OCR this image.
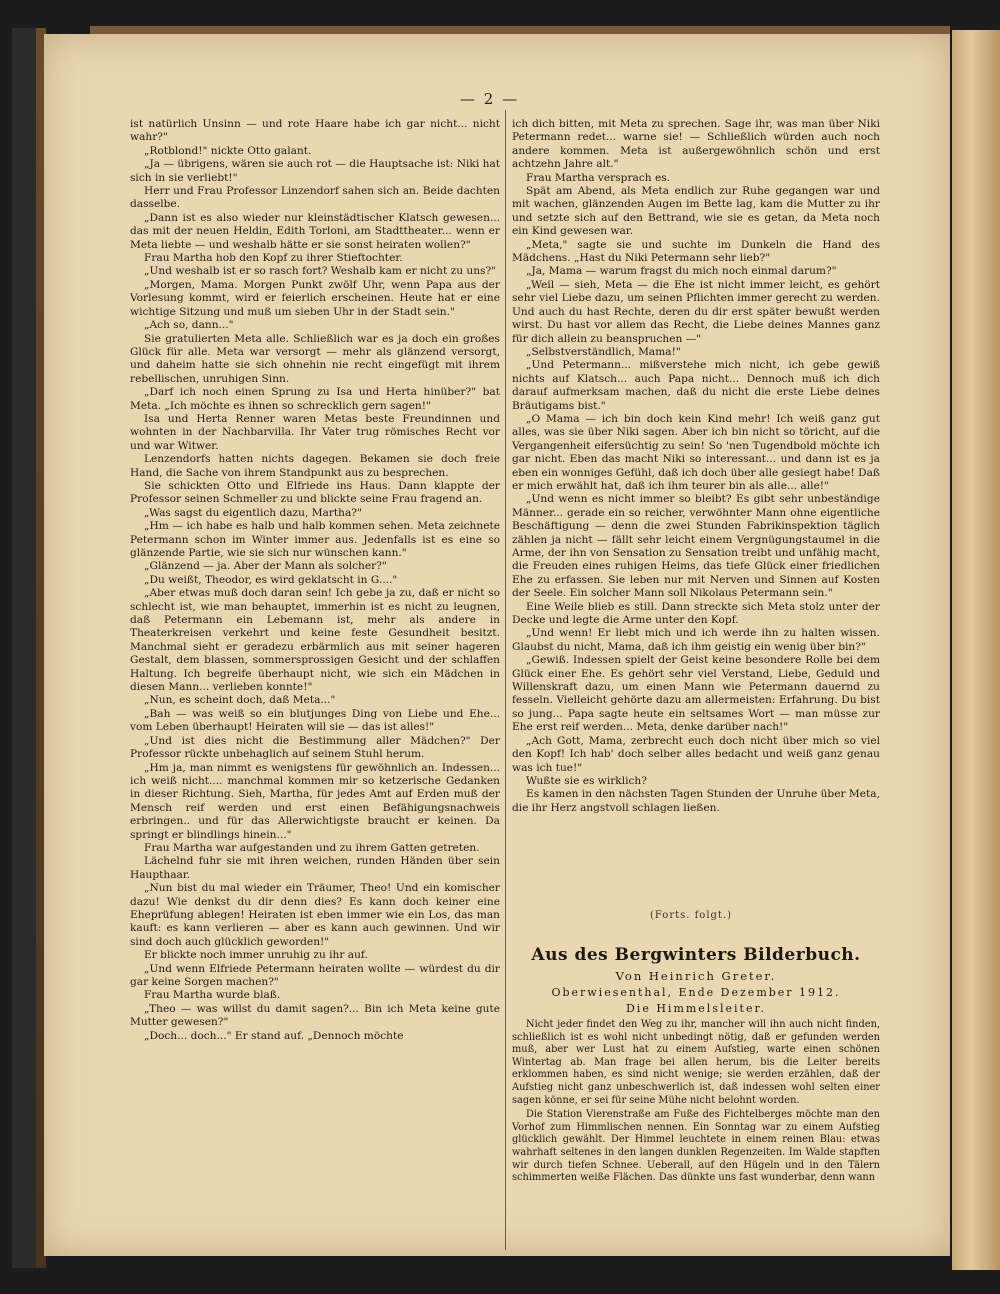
— 2 —

ist natürlich Unsinn — und rote Haare habe ich gar nicht... nicht wahr?"

„Rotblond!" nickte Otto galant.

„Ja — übrigens, wären sie auch rot — die Hauptsache ist: Niki hat sich in sie verliebt!"

Herr und Frau Professor Linzendorf sahen sich an. Beide dachten dasselbe.

„Dann ist es also wieder nur kleinstädtischer Klatsch gewesen... das mit der neuen Heldin, Edith Torloni, am Stadttheater... wenn er Meta liebte — und weshalb hätte er sie sonst heiraten wollen?"

Frau Martha hob den Kopf zu ihrer Stieftochter.

„Und weshalb ist er so rasch fort? Weshalb kam er nicht zu uns?"

„Morgen, Mama. Morgen Punkt zwölf Uhr, wenn Papa aus der Vorlesung kommt, wird er feierlich erscheinen. Heute hat er eine wichtige Sitzung und muß um sieben Uhr in der Stadt sein."

„Ach so, dann..."

Sie gratulierten Meta alle. Schließlich war es ja doch ein großes Glück für alle. Meta war versorgt — mehr als glänzend versorgt, und daheim hatte sie sich ohnehin nie recht eingefügt mit ihrem rebellischen, unruhigen Sinn.

„Darf ich noch einen Sprung zu Isa und Herta hinüber?" bat Meta. „Ich möchte es ihnen so schrecklich gern sagen!"

Isa und Herta Renner waren Metas beste Freundinnen und wohnten in der Nachbarvilla. Ihr Vater trug römisches Recht vor und war Witwer.

Lenzendorfs hatten nichts dagegen. Bekamen sie doch freie Hand, die Sache von ihrem Standpunkt aus zu besprechen.

Sie schickten Otto und Elfriede ins Haus. Dann klappte der Professor seinen Schmeller zu und blickte seine Frau fragend an.

„Was sagst du eigentlich dazu, Martha?"

„Hm — ich habe es halb und halb kommen sehen. Meta zeichnete Petermann schon im Winter immer aus. Jedenfalls ist es eine so glänzende Partie, wie sie sich nur wünschen kann."

„Glänzend — ja. Aber der Mann als solcher?"

„Du weißt, Theodor, es wird geklatscht in G...."

„Aber etwas muß doch daran sein! Ich gebe ja zu, daß er nicht so schlecht ist, wie man behauptet, immerhin ist es nicht zu leugnen, daß Petermann ein Lebemann ist, mehr als andere in Theaterkreisen verkehrt und keine feste Gesundheit besitzt. Manchmal sieht er geradezu erbärmlich aus mit seiner hageren Gestalt, dem blassen, sommersprossigen Gesicht und der schlaffen Haltung. Ich begreife überhaupt nicht, wie sich ein Mädchen in diesen Mann... verlieben konnte!"

„Nun, es scheint doch, daß Meta..."

„Bah — was weiß so ein blutjunges Ding von Liebe und Ehe... vom Leben überhaupt! Heiraten will sie — das ist alles!"

„Und ist dies nicht die Bestimmung aller Mädchen?" Der Professor rückte unbehaglich auf seinem Stuhl herum.

„Hm ja, man nimmt es wenigstens für gewöhnlich an. Indessen... ich weiß nicht.... manchmal kommen mir so ketzerische Gedanken in dieser Richtung. Sieh, Martha, für jedes Amt auf Erden muß der Mensch reif werden und erst einen Befähigungsnachweis erbringen.. und für das Allerwichtigste braucht er keinen. Da springt er blindlings hinein..."

Frau Martha war aufgestanden und zu ihrem Gatten getreten.

Lächelnd fuhr sie mit ihren weichen, runden Händen über sein Haupthaar.

„Nun bist du mal wieder ein Träumer, Theo! Und ein komischer dazu! Wie denkst du dir denn dies? Es kann doch keiner eine Eheprüfung ablegen! Heiraten ist eben immer wie ein Los, das man kauft: es kann verlieren — aber es kann auch gewinnen. Und wir sind doch auch glücklich geworden!"

Er blickte noch immer unruhig zu ihr auf.

„Und wenn Elfriede Petermann heiraten wollte — würdest du dir gar keine Sorgen machen?"

Frau Martha wurde blaß.

„Theo — was willst du damit sagen?... Bin ich Meta keine gute Mutter gewesen?"

„Doch... doch..." Er stand auf. „Dennoch möchte

ich dich bitten, mit Meta zu sprechen. Sage ihr, was man über Niki Petermann redet... warne sie! — Schließlich würden auch noch andere kommen. Meta ist außergewöhnlich schön und erst achtzehn Jahre alt."

Frau Martha versprach es.

Spät am Abend, als Meta endlich zur Ruhe gegangen war und mit wachen, glänzenden Augen im Bette lag, kam die Mutter zu ihr und setzte sich auf den Bettrand, wie sie es getan, da Meta noch ein Kind gewesen war.

„Meta," sagte sie und suchte im Dunkeln die Hand des Mädchens. „Hast du Niki Petermann sehr lieb?"

„Ja, Mama — warum fragst du mich noch einmal darum?"

„Weil — sieh, Meta — die Ehe ist nicht immer leicht, es gehört sehr viel Liebe dazu, um seinen Pflichten immer gerecht zu werden. Und auch du hast Rechte, deren du dir erst später bewußt werden wirst. Du hast vor allem das Recht, die Liebe deines Mannes ganz für dich allein zu beanspruchen —"

„Selbstverständlich, Mama!"

„Und Petermann... mißverstehe mich nicht, ich gebe gewiß nichts auf Klatsch... auch Papa nicht... Dennoch muß ich dich darauf aufmerksam machen, daß du nicht die erste Liebe deines Bräutigams bist."

„O Mama — ich bin doch kein Kind mehr! Ich weiß ganz gut alles, was sie über Niki sagen. Aber ich bin nicht so töricht, auf die Vergangenheit eifersüchtig zu sein! So 'nen Tugendbold möchte ich gar nicht. Eben das macht Niki so interessant... und dann ist es ja eben ein wonniges Gefühl, daß ich doch über alle gesiegt habe! Daß er mich erwählt hat, daß ich ihm teurer bin als alle... alle!"

„Und wenn es nicht immer so bleibt? Es gibt sehr unbeständige Männer... gerade ein so reicher, verwöhnter Mann ohne eigentliche Beschäftigung — denn die zwei Stunden Fabrikinspektion täglich zählen ja nicht — fällt sehr leicht einem Vergnügungstaumel in die Arme, der ihn von Sensation zu Sensation treibt und unfähig macht, die Freuden eines ruhigen Heims, das tiefe Glück einer friedlichen Ehe zu erfassen. Sie leben nur mit Nerven und Sinnen auf Kosten der Seele. Ein solcher Mann soll Nikolaus Petermann sein."

Eine Weile blieb es still. Dann streckte sich Meta stolz unter der Decke und legte die Arme unter den Kopf.

„Und wenn! Er liebt mich und ich werde ihn zu halten wissen. Glaubst du nicht, Mama, daß ich ihm geistig ein wenig über bin?"

„Gewiß. Indessen spielt der Geist keine besondere Rolle bei dem Glück einer Ehe. Es gehört sehr viel Verstand, Liebe, Geduld und Willenskraft dazu, um einen Mann wie Petermann dauernd zu fesseln. Vielleicht gehörte dazu am allermeisten: Erfahrung. Du bist so jung... Papa sagte heute ein seltsames Wort — man müsse zur Ehe erst reif werden... Meta, denke darüber nach!"

„Ach Gott, Mama, zerbrecht euch doch nicht über mich so viel den Kopf! Ich hab' doch selber alles bedacht und weiß ganz genau was ich tue!"

Wußte sie es wirklich?

Es kamen in den nächsten Tagen Stunden der Unruhe über Meta, die ihr Herz angstvoll schlagen ließen.

(Forts. folgt.)

Aus des Bergwinters Bilderbuch.

Von Heinrich Greter.

Oberwiesenthal, Ende Dezember 1912.

Die Himmelsleiter.

Nicht jeder findet den Weg zu ihr, mancher will ihn auch nicht finden, schließlich ist es wohl nicht unbedingt nötig, daß er gefunden werden muß, aber wer Lust hat zu einem Aufstieg, warte einen schönen Wintertag ab. Man frage bei allen herum, bis die Leiter bereits erklommen haben, es sind nicht wenige; sie werden erzählen, daß der Aufstieg nicht ganz unbeschwerlich ist, daß indessen wohl selten einer sagen könne, er sei für seine Mühe nicht belohnt worden.

Die Station Vierenstraße am Fuße des Fichtelberges möchte man den Vorhof zum Himmlischen nennen. Ein Sonntag war zu einem Aufstieg glücklich gewählt. Der Himmel leuchtete in einem reinen Blau: etwas wahrhaft seltenes in den langen dunklen Regenzeiten. Im Walde stapften wir durch tiefen Schnee. Ueberall, auf den Hügeln und in den Tälern schimmerten weiße Flächen. Das dünkte uns fast wunderbar, denn wann
